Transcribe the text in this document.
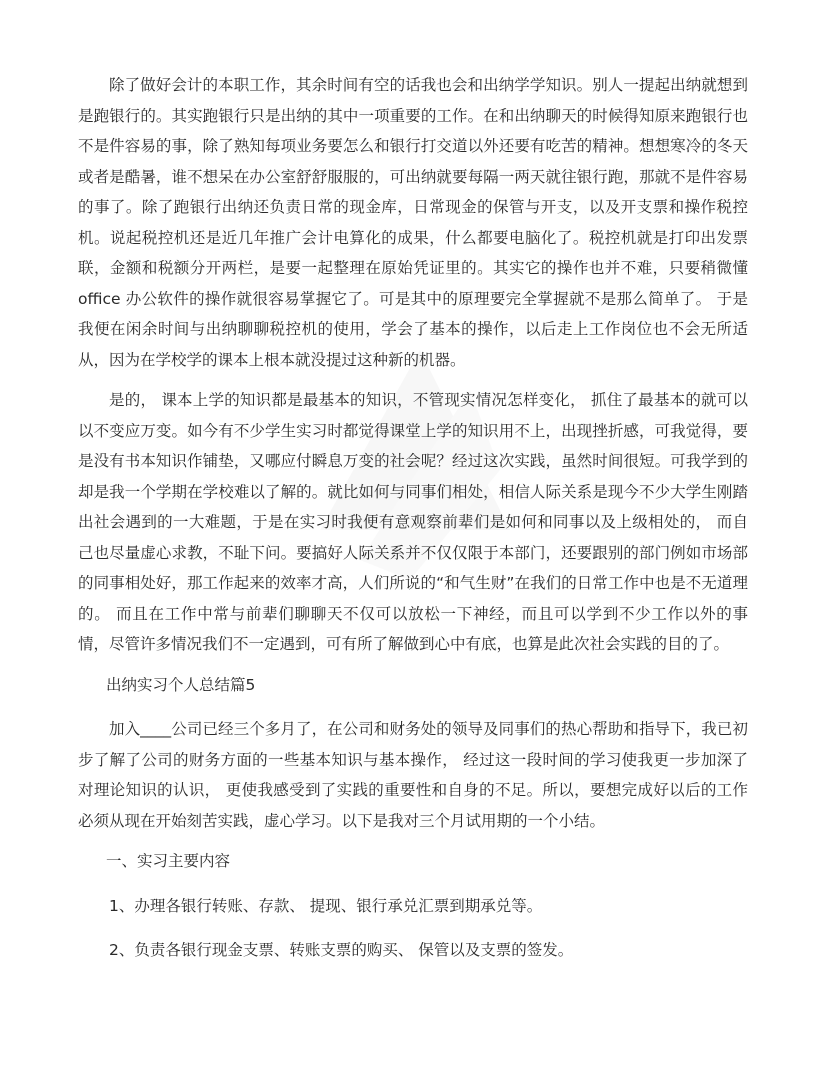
除了做好会计的本职工作，其余时间有空的话我也会和出纳学学知识。别人一提起出纳就想到是跑银行的。其实跑银行只是出纳的其中一项重要的工作。在和出纳聊天的时候得知原来跑银行也不是件容易的事，除了熟知每项业务要怎么和银行打交道以外还要有吃苦的精神。想想寒冷的冬天或者是酷暑，谁不想呆在办公室舒舒服服的，可出纳就要每隔一两天就往银行跑，那就不是件容易的事了。除了跑银行出纳还负责日常的现金库，日常现金的保管与开支，以及开支票和操作税控机。说起税控机还是近几年推广会计电算化的成果，什么都要电脑化了。税控机就是打印出发票联，金额和税额分开两栏，是要一起整理在原始凭证里的。其实它的操作也并不难，只要稍微懂office 办公软件的操作就很容易掌握它了。可是其中的原理要完全掌握就不是那么简单了。 于是我便在闲余时间与出纳聊聊税控机的使用，学会了基本的操作，以后走上工作岗位也不会无所适从，因为在学校学的课本上根本就没提过这种新的机器。

是的， 课本上学的知识都是最基本的知识，不管现实情况怎样变化， 抓住了最基本的就可以以不变应万变。如今有不少学生实习时都觉得课堂上学的知识用不上，出现挫折感，可我觉得，要是没有书本知识作铺垫，又哪应付瞬息万变的社会呢？经过这次实践，虽然时间很短。可我学到的却是我一个学期在学校难以了解的。就比如何与同事们相处，相信人际关系是现今不少大学生刚踏出社会遇到的一大难题，于是在实习时我便有意观察前辈们是如何和同事以及上级相处的， 而自己也尽量虚心求教，不耻下问。要搞好人际关系并不仅仅限于本部门，还要跟别的部门例如市场部的同事相处好，那工作起来的效率才高，人们所说的“和气生财”在我们的日常工作中也是不无道理的。 而且在工作中常与前辈们聊聊天不仅可以放松一下神经，而且可以学到不少工作以外的事情，尽管许多情况我们不一定遇到，可有所了解做到心中有底，也算是此次社会实践的目的了。

出纳实习个人总结篇5

加入____公司已经三个多月了，在公司和财务处的领导及同事们的热心帮助和指导下，我已初步了解了公司的财务方面的一些基本知识与基本操作， 经过这一段时间的学习使我更一步加深了对理论知识的认识， 更使我感受到了实践的重要性和自身的不足。所以，要想完成好以后的工作必须从现在开始刻苦实践，虚心学习。以下是我对三个月试用期的一个小结。

一、实习主要内容

1、办理各银行转账、存款、 提现、银行承兑汇票到期承兑等。

2、负责各银行现金支票、转账支票的购买、 保管以及支票的签发。
